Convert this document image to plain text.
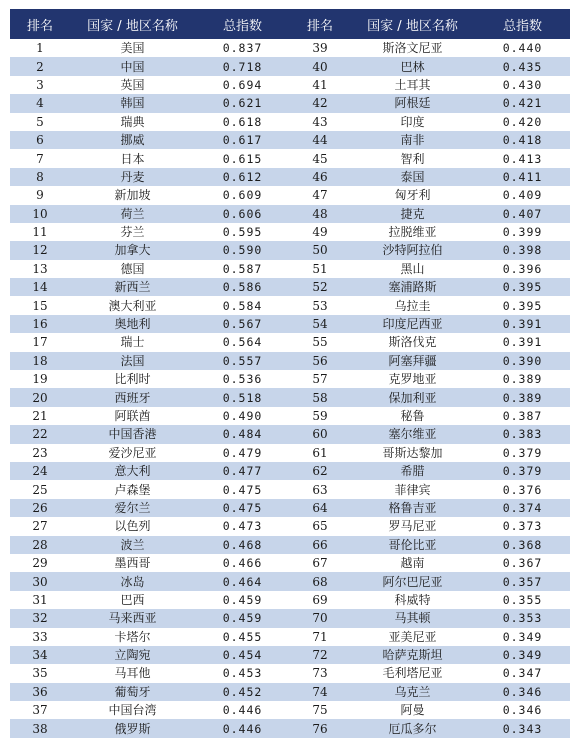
排名	国家 / 地区名称	总指数	排名	国家 / 地区名称	总指数
1	美国	0.837	39	斯洛文尼亚	0.440
2	中国	0.718	40	巴林	0.435
3	英国	0.694	41	土耳其	0.430
4	韩国	0.621	42	阿根廷	0.421
5	瑞典	0.618	43	印度	0.420
6	挪威	0.617	44	南非	0.418
7	日本	0.615	45	智利	0.413
8	丹麦	0.612	46	泰国	0.411
9	新加坡	0.609	47	匈牙利	0.409
10	荷兰	0.606	48	捷克	0.407
11	芬兰	0.595	49	拉脱维亚	0.399
12	加拿大	0.590	50	沙特阿拉伯	0.398
13	德国	0.587	51	黑山	0.396
14	新西兰	0.586	52	塞浦路斯	0.395
15	澳大利亚	0.584	53	乌拉圭	0.395
16	奥地利	0.567	54	印度尼西亚	0.391
17	瑞士	0.564	55	斯洛伐克	0.391
18	法国	0.557	56	阿塞拜疆	0.390
19	比利时	0.536	57	克罗地亚	0.389
20	西班牙	0.518	58	保加利亚	0.389
21	阿联酋	0.490	59	秘鲁	0.387
22	中国香港	0.484	60	塞尔维亚	0.383
23	爱沙尼亚	0.479	61	哥斯达黎加	0.379
24	意大利	0.477	62	希腊	0.379
25	卢森堡	0.475	63	菲律宾	0.376
26	爱尔兰	0.475	64	格鲁吉亚	0.374
27	以色列	0.473	65	罗马尼亚	0.373
28	波兰	0.468	66	哥伦比亚	0.368
29	墨西哥	0.466	67	越南	0.367
30	冰岛	0.464	68	阿尔巴尼亚	0.357
31	巴西	0.459	69	科威特	0.355
32	马来西亚	0.459	70	马其顿	0.353
33	卡塔尔	0.455	71	亚美尼亚	0.349
34	立陶宛	0.454	72	哈萨克斯坦	0.349
35	马耳他	0.453	73	毛利塔尼亚	0.347
36	葡萄牙	0.452	74	乌克兰	0.346
37	中国台湾	0.446	75	阿曼	0.346
38	俄罗斯	0.446	76	厄瓜多尔	0.343
